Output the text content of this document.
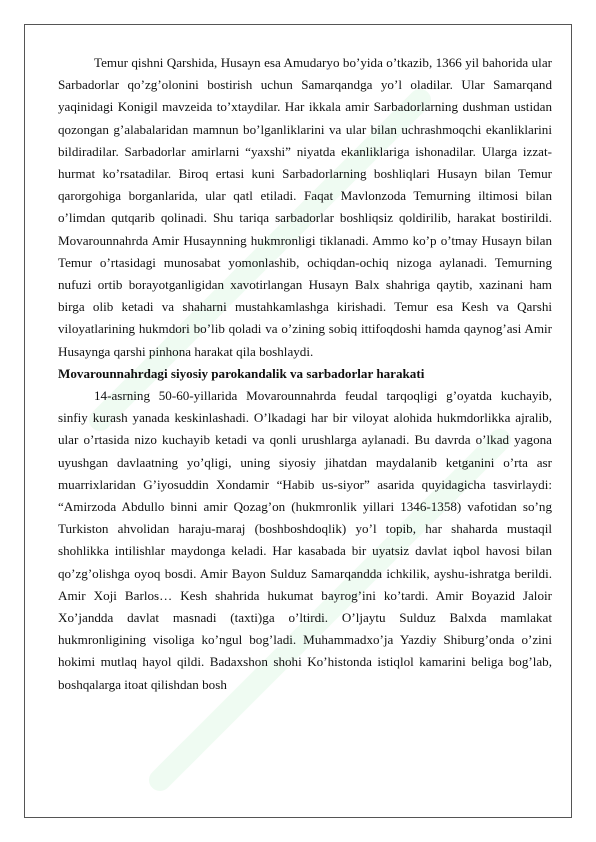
Temur qishni Qarshida, Husayn esa Amudaryo bo’yida o’tkazib, 1366 yil bahorida ular Sarbadorlar qo’zg’olonini bostirish uchun Samarqandga yo’l oladilar. Ular Samarqand yaqinidagi Konigil mavzeida to’xtaydilar. Har ikkala amir Sarbadorlarning dushman ustidan qozongan g’alabalaridan mamnun bo’lganliklarini va ular bilan uchrashmoqchi ekanliklarini bildiradilar. Sarbadorlar amirlarni “yaxshi” niyatda ekanliklariga ishonadilar. Ularga izzat-hurmat ko’rsatadilar. Biroq ertasi kuni Sarbadorlarning boshliqlari Husayn bilan Temur qarorgohiga borganlarida, ular qatl etiladi. Faqat Mavlonzoda Temurning iltimosi bilan o’limdan qutqarib qolinadi. Shu tariqa sarbadorlar boshliqsiz qoldirilib, harakat bostirildi. Movarounnahrda Amir Husaynning hukmronligi tiklanadi. Ammo ko’p o’tmay Husayn bilan Temur o’rtasidagi munosabat yomonlashib, ochiqdan-ochiq nizoga aylanadi. Temurning nufuzi ortib borayotganligidan xavotirlangan Husayn Balx shahriga qaytib, xazinani ham birga olib ketadi va shaharni mustahkamlashga kirishadi. Temur esa Kesh va Qarshi viloyatlarining hukmdori bo’lib qoladi va o’zining sobiq ittifoqdoshi hamda qaynog’asi Amir Husaynga qarshi pinhona harakat qila boshlaydi.

Movarounnahrdagi siyosiy parokandalik va sarbadorlar harakati

14-asrning 50-60-yillarida Movarounnahrda feudal tarqoqligi g’oyatda kuchayib, sinfiy kurash yanada keskinlashadi. O’lkadagi har bir viloyat alohida hukmdorlikka ajralib, ular o’rtasida nizo kuchayib ketadi va qonli urushlarga aylanadi. Bu davrda o’lkad yagona uyushgan davlaatning yo’qligi, uning siyosiy jihatdan maydalanib ketganini o’rta asr muarrixlaridan G’iyosuddin Xondamir “Habib us-siyor” asarida quyidagicha tasvirlaydi: “Amirzoda Abdullo binni amir Qozag’on (hukmronlik yillari 1346-1358) vafotidan so’ng Turkiston ahvolidan haraju-maraj (boshboshdoqlik) yo’l topib, har shaharda mustaqil shohlikka intilishlar maydonga keladi. Har kasabada bir uyatsiz davlat iqbol havosi bilan qo’zg’olishga oyoq bosdi. Amir Bayon Sulduz Samarqandda ichkilik, ayshu-ishratga berildi. Amir Xoji Barlos… Kesh shahrida hukumat bayrog’ini ko’tardi. Amir Boyazid Jaloir Xo’jandda davlat masnadi (taxti)ga o’ltirdi. O’ljaytu Sulduz Balxda mamlakat hukmronligining visoliga ko’ngul bog’ladi. Muhammadxo’ja Yazdiy Shiburg’onda o’zini hokimi mutlaq hayol qildi. Badaxshon shohi Ko’histonda istiqlol kamarini beliga bog’lab, boshqalarga itoat qilishdan bosh
